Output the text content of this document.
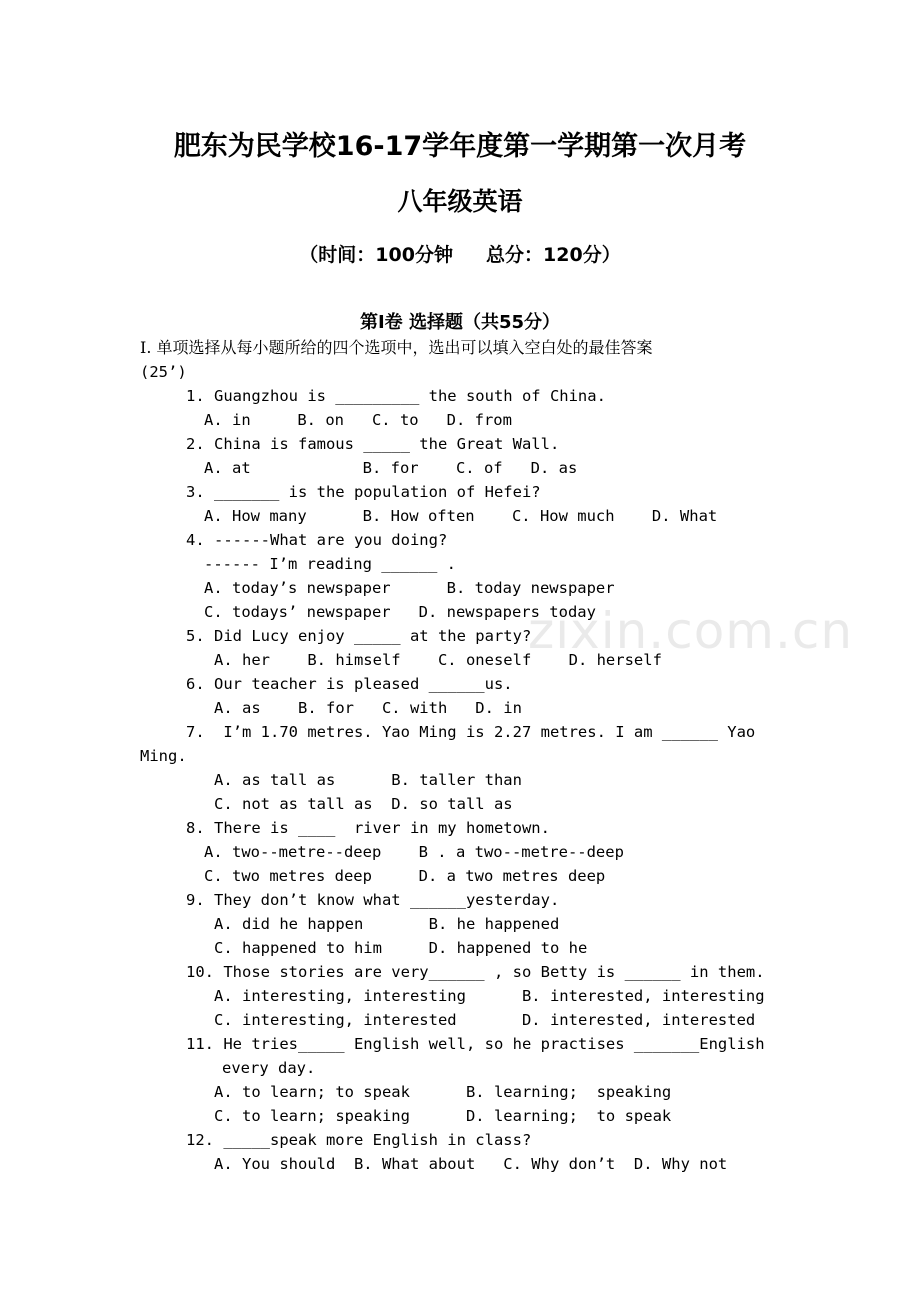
肥东为民学校16-17学年度第一学期第一次月考
八年级英语
（时间：100分钟     总分：120分）
第Ⅰ卷 选择题（共55分）
I. 单项选择从每小题所给的四个选项中，选出可以填入空白处的最佳答案
(25’)
zixin.com.cn
1. Guangzhou is _________ the south of China.
A. in     B. on   C. to   D. from
2. China is famous _____ the Great Wall.
A. at            B. for    C. of   D. as
3. _______ is the population of Hefei?
A. How many      B. How often    C. How much    D. What
4. ------What are you doing?
------ I’m reading ______ .
A. today’s newspaper      B. today newspaper
C. todays’ newspaper   D. newspapers today
5. Did Lucy enjoy _____ at the party?
A. her    B. himself    C. oneself    D. herself
6. Our teacher is pleased ______us.
A. as    B. for   C. with   D. in
7.  I’m 1.70 metres. Yao Ming is 2.27 metres. I am ______ Yao
Ming.
A. as tall as      B. taller than
C. not as tall as  D. so tall as
8. There is ____  river in my hometown.
A. two--metre--deep    B . a two--metre--deep
C. two metres deep     D. a two metres deep
9. They don’t know what ______yesterday.
A. did he happen       B. he happened
C. happened to him     D. happened to he
10. Those stories are very______ , so Betty is ______ in them.
A. interesting, interesting      B. interested, interesting
C. interesting, interested       D. interested, interested
11. He tries_____ English well, so he practises _______English
every day.
A. to learn; to speak      B. learning;  speaking
C. to learn; speaking      D. learning;  to speak
12. _____speak more English in class?
A. You should  B. What about   C. Why don’t  D. Why not
